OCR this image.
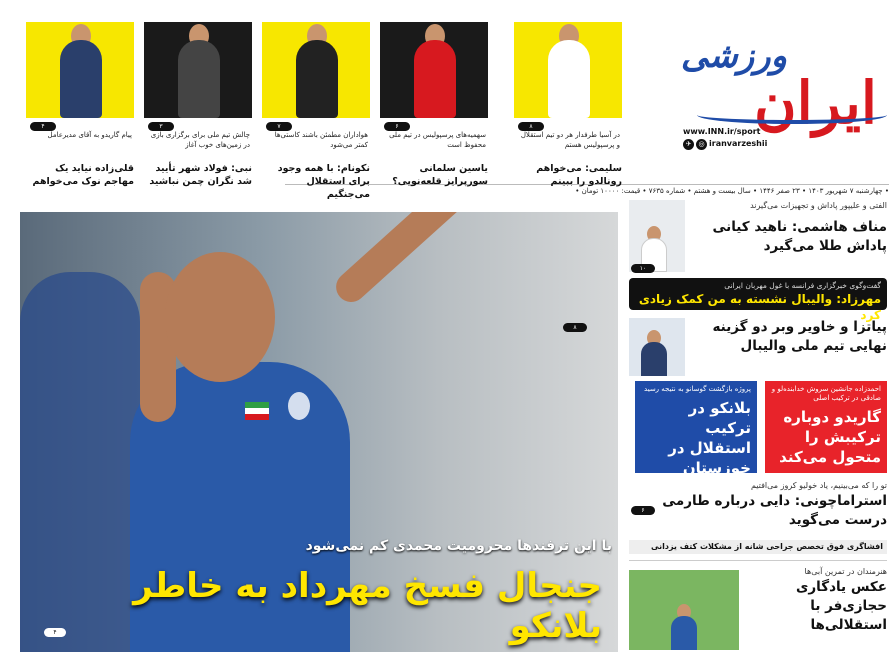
ورزشی
ایران
www.INN.ir/sport
✈ ◎ iranvarzeshii
• چهارشنبه ۷ شهریور ۱۴۰۳ • ۲۳ صفر ۱۴۴۶ • سال بیست و هشتم • شماره ۷۶۳۵ • قیمت: ۱۰۰۰۰ تومان •
۸
در آسیا طرفدار هر دو تیم استقلال و پرسپولیس هستم
سلیمی: می‌خواهم رونالدو را ببینم
۶
سهمیه‌های پرسپولیس در تیم ملی محفوظ است
یاسین سلمانی سورپرایز قلعه‌نویی؟
۷
هواداران مطمئن باشند کاستی‌ها کمتر می‌شود
نکونام: با همه وجود برای استقلال می‌جنگیم
۳
چالش تیم ملی برای برگزاری بازی در زمین‌های خوب آغاز
نبی: فولاد شهر تأیید شد نگران چمن نباشید
۴
پیام گاریدو به آقای مدیرعامل
قلی‌زاده نیاید یک مهاجم نوک می‌خواهم
با این ترفندها محرومیت محمدی کم نمی‌شود
جنجال فسخ مهرداد به خاطر بلانکو
۴
الفتی و علیپور پاداش و تجهیزات می‌گیرند
مناف هاشمی: ناهید کیانی پاداش طلا می‌گیرد
۱۰
گفت‌وگوی خبرگزاری فرانسه با غول مهربان ایرانی
مهرزاد: والیبال نشسته به من کمک زیادی کرد
۸	پیاتزا و خاویر وبر دو گزینه نهایی تیم ملی والیبال
احمدزاده جانشین سروش خدابنده‌لو و صادقی در ترکیب اصلی
گاریدو دوباره ترکیبش را متحول می‌کند
پروژه بازگشت گوسانو به نتیجه رسید
بلانکو در ترکیب استقلال در خوزستان
تو را که می‌بینیم، یاد خولیو کروز می‌افتیم
استراماچونی: دایی درباره طارمی درست می‌گوید
۶
افشاگری فوق تخصص جراحی شانه از مشکلات کتف یزدانی
هنرمندان در تمرین آبی‌ها
عکس یادگاری حجازی‌فر با استقلالی‌ها
